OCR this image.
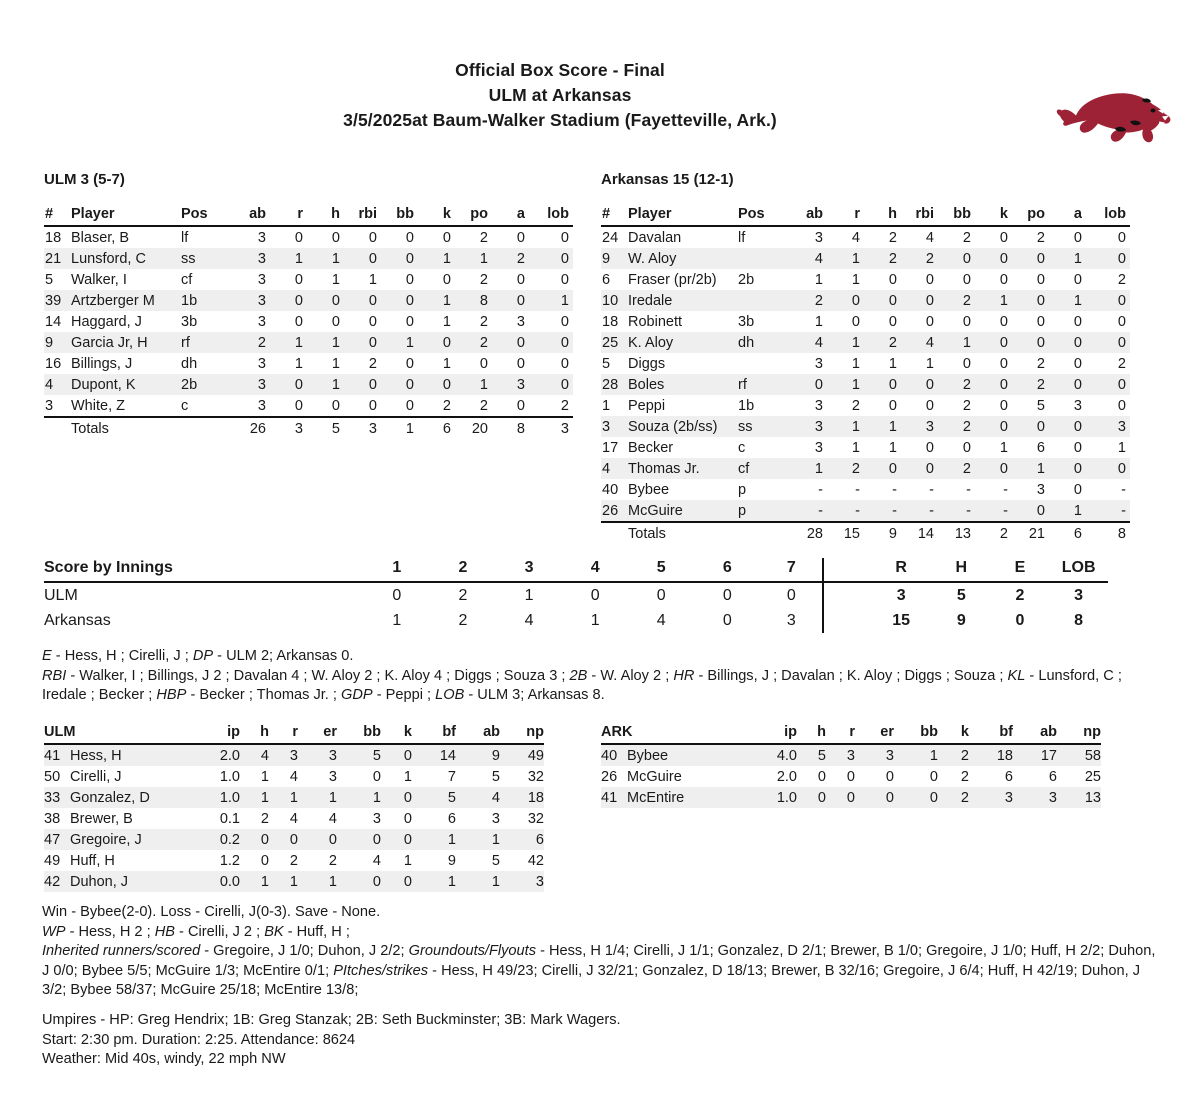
Official Box Score - Final
ULM at Arkansas
3/5/2025at Baum-Walker Stadium (Fayetteville, Ark.)
ULM 3 (5-7)
#	Player	Pos	ab	r	h	rbi	bb	k	po	a	lob
18	Blaser, B	lf	3	0	0	0	0	0	2	0	0
21	Lunsford, C	ss	3	1	1	0	0	1	1	2	0
5	Walker, I	cf	3	0	1	1	0	0	2	0	0
39	Artzberger M	1b	3	0	0	0	0	1	8	0	1
14	Haggard, J	3b	3	0	0	0	0	1	2	3	0
9	Garcia Jr, H	rf	2	1	1	0	1	0	2	0	0
16	Billings, J	dh	3	1	1	2	0	1	0	0	0
4	Dupont, K	2b	3	0	1	0	0	0	1	3	0
3	White, Z	c	3	0	0	0	0	2	2	0	2
	Totals		26	3	5	3	1	6	20	8	3
Arkansas 15 (12-1)
#	Player	Pos	ab	r	h	rbi	bb	k	po	a	lob
24	Davalan	lf	3	4	2	4	2	0	2	0	0
9	W. Aloy		4	1	2	2	0	0	0	1	0
6	Fraser (pr/2b)	2b	1	1	0	0	0	0	0	0	2
10	Iredale		2	0	0	0	2	1	0	1	0
18	Robinett	3b	1	0	0	0	0	0	0	0	0
25	K. Aloy	dh	4	1	2	4	1	0	0	0	0
5	Diggs		3	1	1	1	0	0	2	0	2
28	Boles	rf	0	1	0	0	2	0	2	0	0
1	Peppi	1b	3	2	0	0	2	0	5	3	0
3	Souza (2b/ss)	ss	3	1	1	3	2	0	0	0	3
17	Becker	c	3	1	1	0	0	1	6	0	1
4	Thomas Jr.	cf	1	2	0	0	2	0	1	0	0
40	Bybee	p	-	-	-	-	-	-	3	0	-
26	McGuire	p	-	-	-	-	-	-	0	1	-
	Totals		28	15	9	14	13	2	21	6	8
Score by Innings	1	2	3	4	5	6	7	R	H	E	LOB
ULM	0	2	1	0	0	0	0	3	5	2	3
Arkansas	1	2	4	1	4	0	3	15	9	0	8
E - Hess, H ; Cirelli, J ; DP - ULM 2; Arkansas 0.
RBI - Walker, I ; Billings, J 2 ; Davalan 4 ; W. Aloy 2 ; K. Aloy 4 ; Diggs ; Souza 3 ; 2B - W. Aloy 2 ; HR - Billings, J ; Davalan ; K. Aloy ; Diggs ; Souza ; KL - Lunsford, C ; Iredale ; Becker ; HBP - Becker ; Thomas Jr. ; GDP - Peppi ; LOB - ULM 3; Arkansas 8.
ULM		ip	h	r	er	bb	k	bf	ab	np
41	Hess, H	2.0	4	3	3	5	0	14	9	49
50	Cirelli, J	1.0	1	4	3	0	1	7	5	32
33	Gonzalez, D	1.0	1	1	1	1	0	5	4	18
38	Brewer, B	0.1	2	4	4	3	0	6	3	32
47	Gregoire, J	0.2	0	0	0	0	0	1	1	6
49	Huff, H	1.2	0	2	2	4	1	9	5	42
42	Duhon, J	0.0	1	1	1	0	0	1	1	3
ARK		ip	h	r	er	bb	k	bf	ab	np
40	Bybee	4.0	5	3	3	1	2	18	17	58
26	McGuire	2.0	0	0	0	0	2	6	6	25
41	McEntire	1.0	0	0	0	0	2	3	3	13
Win - Bybee(2-0). Loss - Cirelli, J(0-3). Save - None.
WP - Hess, H 2 ; HB - Cirelli, J 2 ; BK - Huff, H ;
Inherited runners/scored - Gregoire, J 1/0; Duhon, J 2/2; Groundouts/Flyouts - Hess, H 1/4; Cirelli, J 1/1; Gonzalez, D 2/1; Brewer, B 1/0; Gregoire, J 1/0; Huff, H 2/2; Duhon, J 0/0; Bybee 5/5; McGuire 1/3; McEntire 0/1; PItches/strikes - Hess, H 49/23; Cirelli, J 32/21; Gonzalez, D 18/13; Brewer, B 32/16; Gregoire, J 6/4; Huff, H 42/19; Duhon, J 3/2; Bybee 58/37; McGuire 25/18; McEntire 13/8;
Umpires - HP: Greg Hendrix; 1B: Greg Stanzak; 2B: Seth Buckminster; 3B: Mark Wagers.
Start: 2:30 pm. Duration: 2:25. Attendance: 8624
Weather: Mid 40s, windy, 22 mph NW
